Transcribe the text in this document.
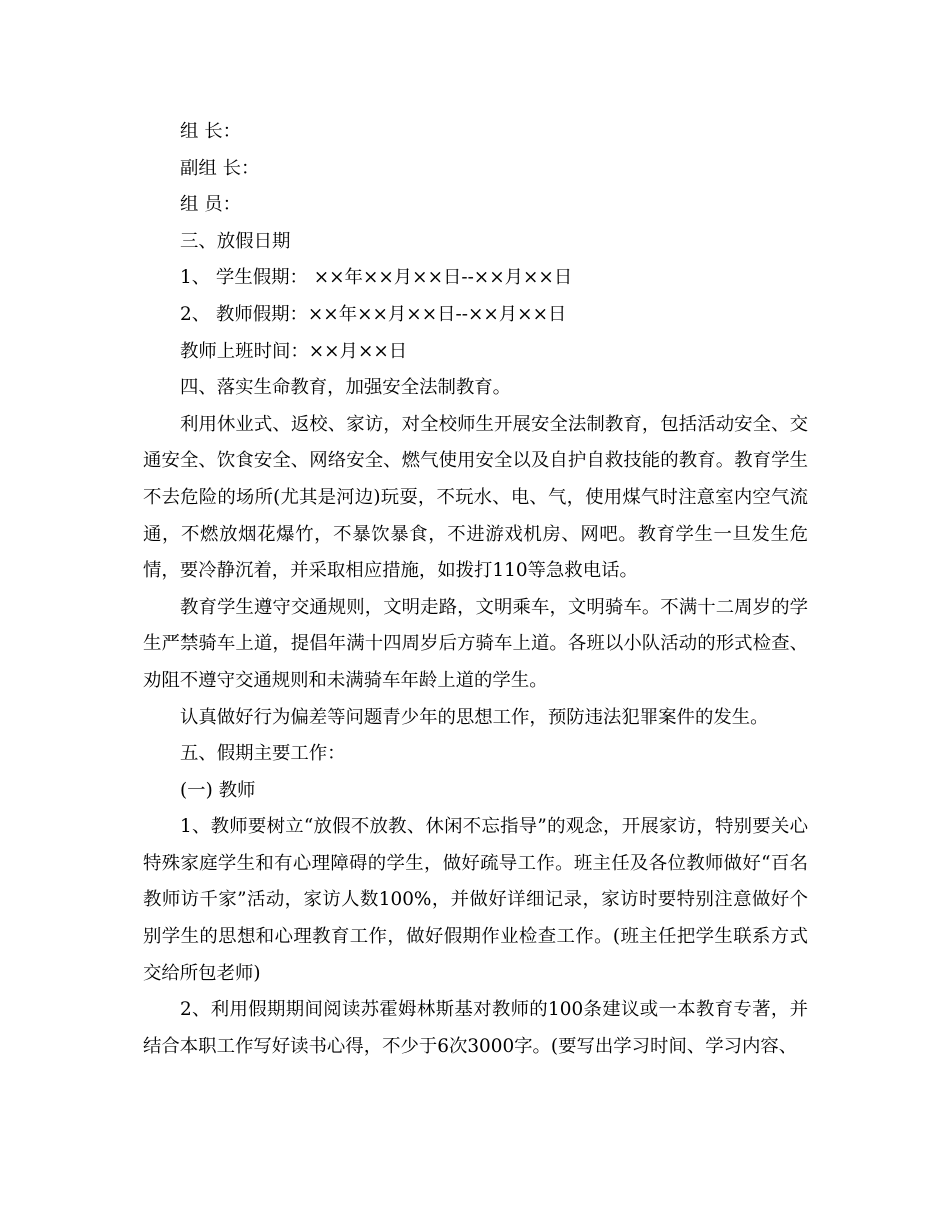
组 长：

副组 长：

组 员：

三、放假日期

1、 学生假期： ××年××月××日--××月××日

2、 教师假期：××年××月××日--××月××日

教师上班时间：××月××日

四、落实生命教育，加强安全法制教育。

利用休业式、返校、家访，对全校师生开展安全法制教育，包括活动安全、交通安全、饮食安全、网络安全、燃气使用安全以及自护自救技能的教育。教育学生不去危险的场所(尤其是河边)玩耍，不玩水、电、气，使用煤气时注意室内空气流通，不燃放烟花爆竹，不暴饮暴食，不进游戏机房、网吧。教育学生一旦发生危情，要冷静沉着，并采取相应措施，如拨打110等急救电话。

教育学生遵守交通规则，文明走路，文明乘车，文明骑车。不满十二周岁的学生严禁骑车上道，提倡年满十四周岁后方骑车上道。各班以小队活动的形式检查、劝阻不遵守交通规则和未满骑车年龄上道的学生。

认真做好行为偏差等问题青少年的思想工作，预防违法犯罪案件的发生。

五、假期主要工作：

(一) 教师

1、教师要树立“放假不放教、休闲不忘指导”的观念，开展家访，特别要关心特殊家庭学生和有心理障碍的学生，做好疏导工作。班主任及各位教师做好“百名教师访千家”活动，家访人数100%，并做好详细记录，家访时要特别注意做好个别学生的思想和心理教育工作，做好假期作业检查工作。(班主任把学生联系方式交给所包老师)

2、利用假期期间阅读苏霍姆林斯基对教师的100条建议或一本教育专著，并结合本职工作写好读书心得，不少于6次3000字。(要写出学习时间、学习内容、
